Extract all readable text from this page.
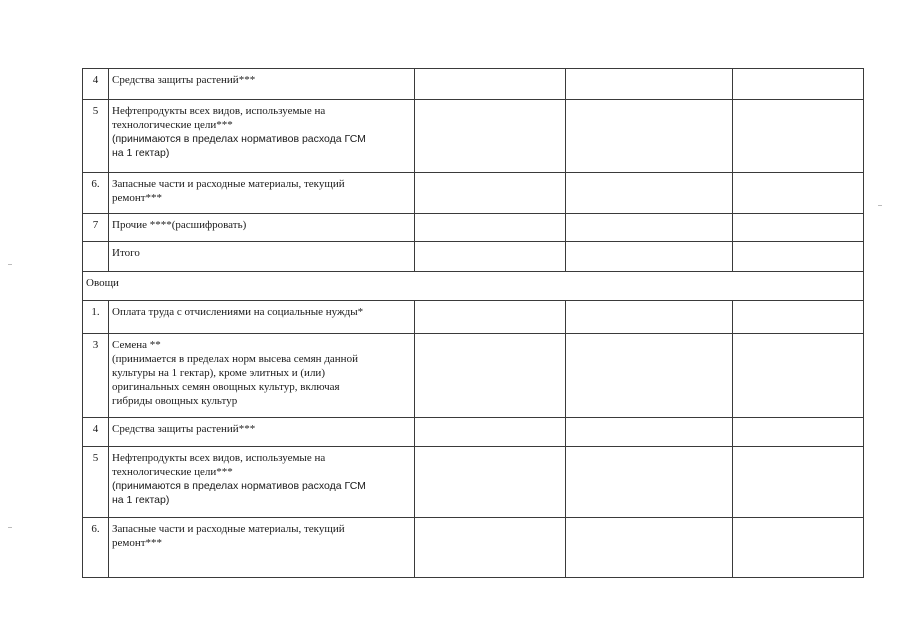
4	Средства защиты растений***			

5	Нефтепродукты всех видов, используемые на
технологические цели***
(принимаются в пределах нормативов расхода ГСМ
на 1 гектар)			

6.	Запасные части и расходные материалы, текущий
ремонт***			

7	Прочие ****(расшифровать)			

	Итого			

Овощи				
1.	Оплата труда с отчислениями на социальные нужды*			

3	Семена **
(принимается в пределах норм высева семян данной
культуры на 1 гектар), кроме элитных и (или)
оригинальных семян овощных культур, включая
гибриды овощных культур			

4	Средства защиты растений***			

5	Нефтепродукты всех видов, используемые на
технологические цели***
(принимаются в пределах нормативов расхода ГСМ
на 1 гектар)			

6.	Запасные части и расходные материалы, текущий
ремонт***			
